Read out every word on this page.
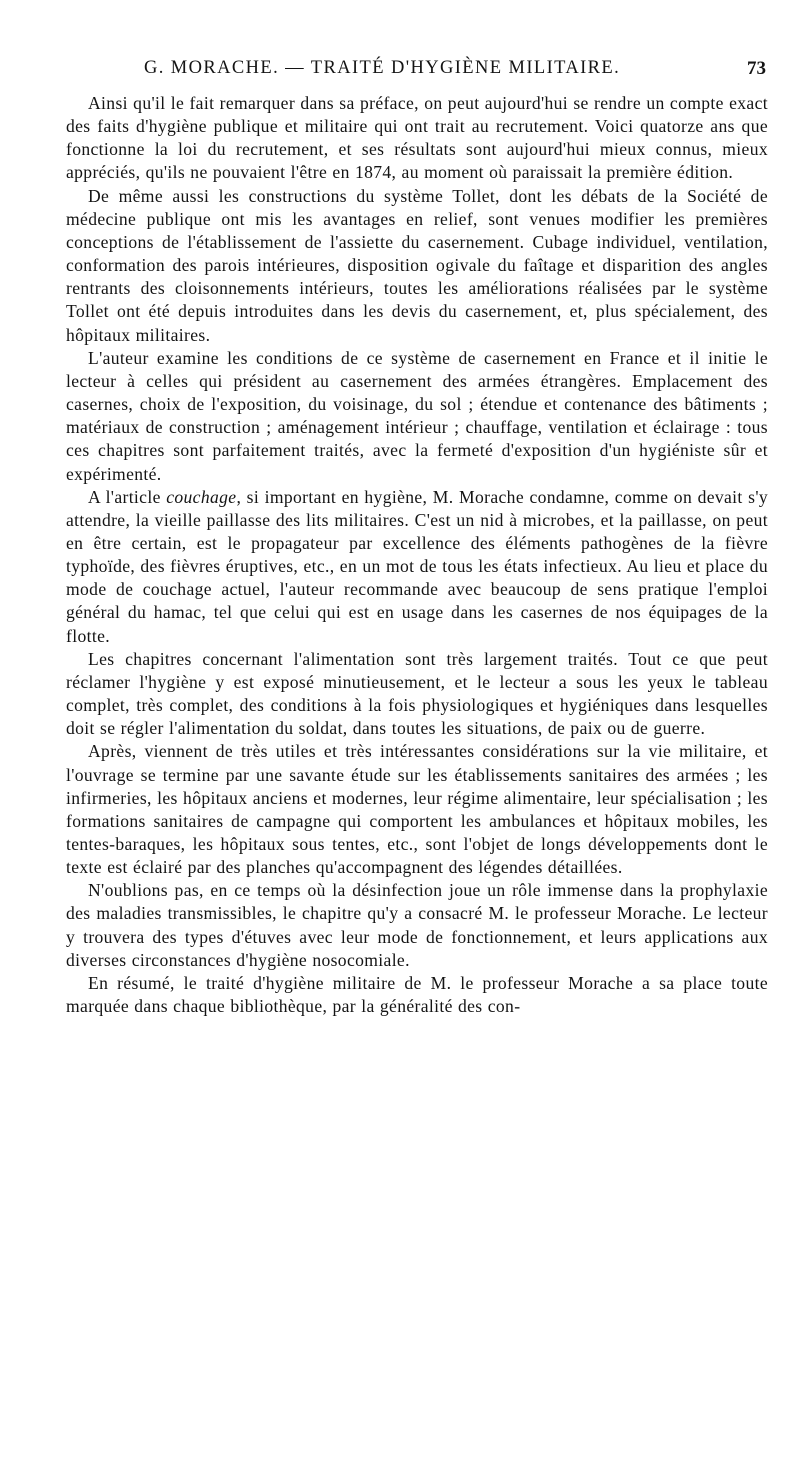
G. MORACHE. — TRAITÉ D'HYGIÈNE MILITAIRE.	73

Ainsi qu'il le fait remarquer dans sa préface, on peut aujourd'hui se rendre un compte exact des faits d'hygiène publique et militaire qui ont trait au recrutement. Voici quatorze ans que fonctionne la loi du recrutement, et ses résultats sont aujourd'hui mieux connus, mieux appréciés, qu'ils ne pouvaient l'être en 1874, au moment où paraissait la première édition.

De même aussi les constructions du système Tollet, dont les débats de la Société de médecine publique ont mis les avantages en relief, sont venues modifier les premières conceptions de l'établissement de l'assiette du casernement. Cubage individuel, ventilation, conformation des parois intérieures, disposition ogivale du faîtage et disparition des angles rentrants des cloisonnements intérieurs, toutes les améliorations réalisées par le système Tollet ont été depuis introduites dans les devis du casernement, et, plus spécialement, des hôpitaux militaires.

L'auteur examine les conditions de ce système de casernement en France et il initie le lecteur à celles qui président au casernement des armées étrangères. Emplacement des casernes, choix de l'exposition, du voisinage, du sol ; étendue et contenance des bâtiments ; matériaux de construction ; aménagement intérieur ; chauffage, ventilation et éclairage : tous ces chapitres sont parfaitement traités, avec la fermeté d'exposition d'un hygiéniste sûr et expérimenté.

A l'article couchage, si important en hygiène, M. Morache condamne, comme on devait s'y attendre, la vieille paillasse des lits militaires. C'est un nid à microbes, et la paillasse, on peut en être certain, est le propagateur par excellence des éléments pathogènes de la fièvre typhoïde, des fièvres éruptives, etc., en un mot de tous les états infectieux. Au lieu et place du mode de couchage actuel, l'auteur recommande avec beaucoup de sens pratique l'emploi général du hamac, tel que celui qui est en usage dans les casernes de nos équipages de la flotte.

Les chapitres concernant l'alimentation sont très largement traités. Tout ce que peut réclamer l'hygiène y est exposé minutieusement, et le lecteur a sous les yeux le tableau complet, très complet, des conditions à la fois physiologiques et hygiéniques dans lesquelles doit se régler l'alimentation du soldat, dans toutes les situations, de paix ou de guerre.

Après, viennent de très utiles et très intéressantes considérations sur la vie militaire, et l'ouvrage se termine par une savante étude sur les établissements sanitaires des armées ; les infirmeries, les hôpitaux anciens et modernes, leur régime alimentaire, leur spécialisation ; les formations sanitaires de campagne qui comportent les ambulances et hôpitaux mobiles, les tentes-baraques, les hôpitaux sous tentes, etc., sont l'objet de longs développements dont le texte est éclairé par des planches qu'accompagnent des légendes détaillées.

N'oublions pas, en ce temps où la désinfection joue un rôle immense dans la prophylaxie des maladies transmissibles, le chapitre qu'y a consacré M. le professeur Morache. Le lecteur y trouvera des types d'étuves avec leur mode de fonctionnement, et leurs applications aux diverses circonstances d'hygiène nosocomiale.

En résumé, le traité d'hygiène militaire de M. le professeur Morache a sa place toute marquée dans chaque bibliothèque, par la généralité des con-
